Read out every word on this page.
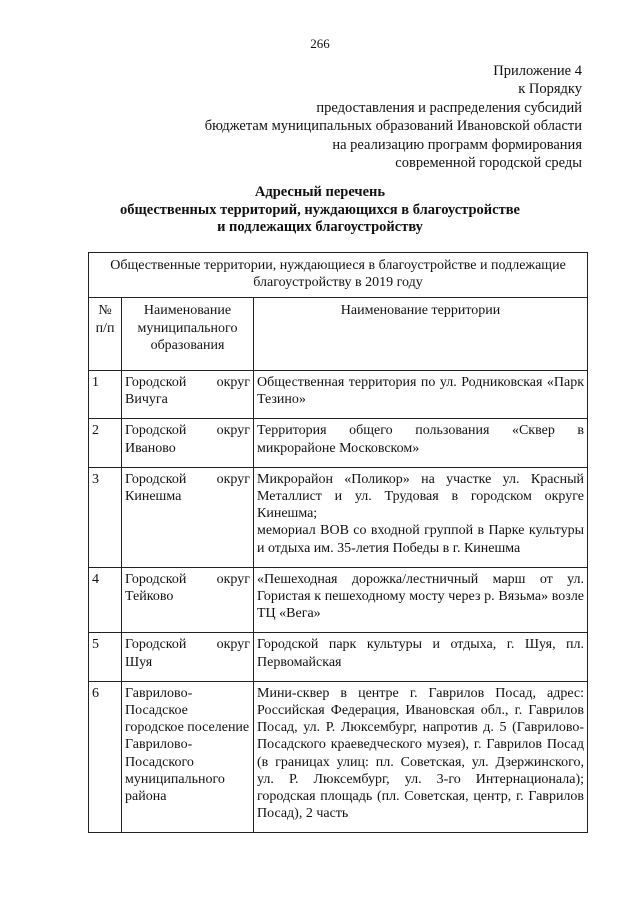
266
Приложение 4
к Порядку
предоставления и распределения субсидий
бюджетам муниципальных образований Ивановской области
на реализацию программ формирования
современной городской среды
Адресный перечень
общественных территорий, нуждающихся в благоустройстве
и подлежащих благоустройству
Общественные территории, нуждающиеся в благоустройстве и подлежащие благоустройству в 2019 году		
№ п/п	Наименование муниципального образования	Наименование территории
1	Городской округ Вичуга	Общественная территория по ул. Родниковская «Парк Тезино»

2	Городской округ Иваново	Территория общего пользования «Сквер в микрорайоне Московском»

3	Городской округ Кинешма	Микрорайон «Поликор» на участке ул. Красный Металлист и ул. Трудовая в городском округе Кинешма;
мемориал ВОВ со входной группой в Парке культуры и отдыха им. 35-летия Победы в г. Кинешма

4	Городской округ Тейково	«Пешеходная дорожка/лестничный марш от ул. Гористая к пешеходному мосту через р. Вязьма» возле ТЦ «Вега»

5	Городской округ Шуя	Городской парк культуры и отдыха, г. Шуя, пл. Первомайская

6	Гаврилово-Посадское городское поселение Гаврилово-Посадского муниципального района	Мини-сквер в центре г. Гаврилов Посад, адрес: Российская Федерация, Ивановская обл., г. Гаврилов Посад, ул. Р. Люксембург, напротив д. 5 (Гаврилово-Посадского краеведческого музея), г. Гаврилов Посад (в границах улиц: пл. Советская, ул. Дзержинского, ул. Р. Люксембург, ул. 3-го Интернационала); городская площадь (пл. Советская, центр, г. Гаврилов Посад), 2 часть
